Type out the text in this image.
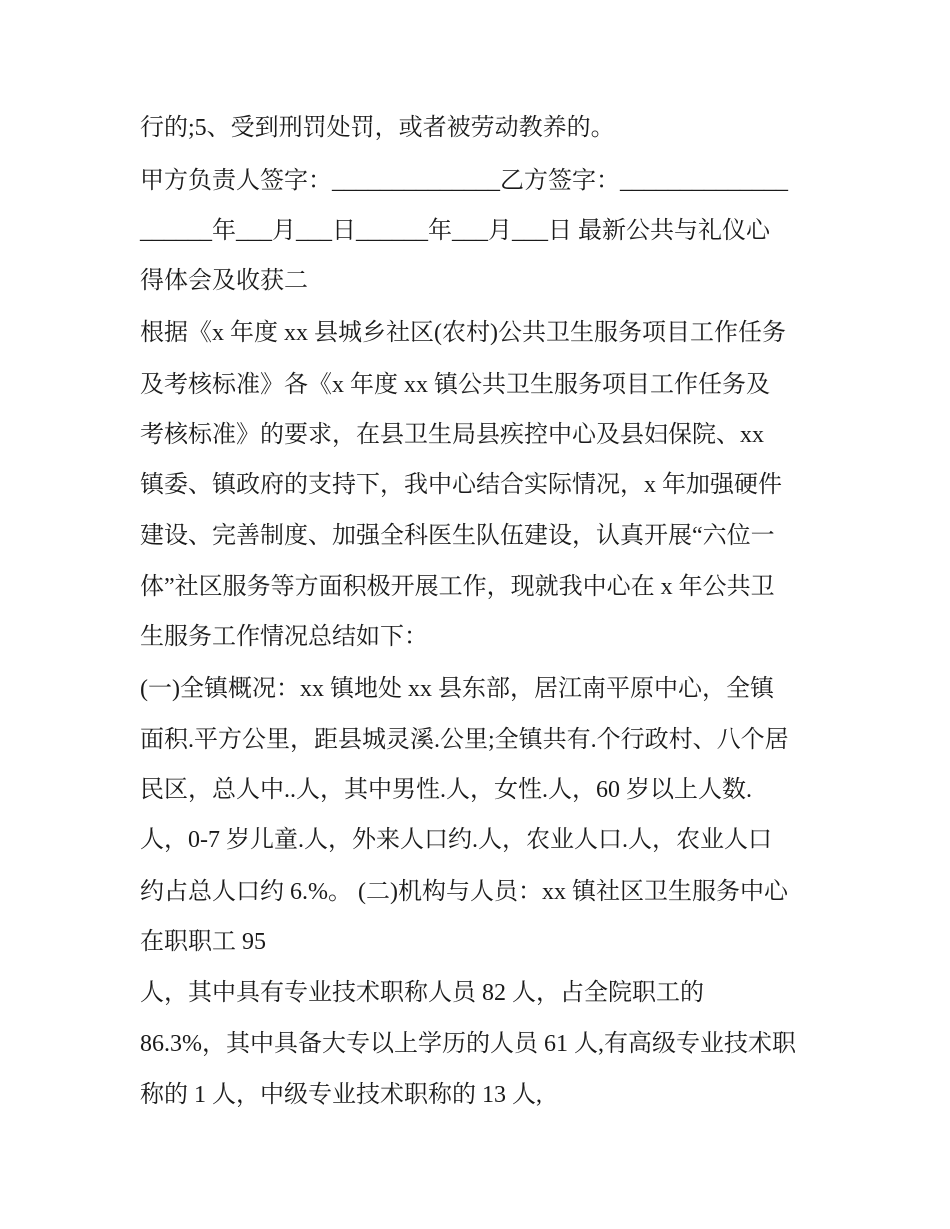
行的;5、受到刑罚处罚，或者被劳动教养的。
甲方负责人签字：______________乙方签字：______________
______年___月___日______年___月___日 最新公共与礼仪心
得体会及收获二
根据《x 年度 xx 县城乡社区(农村)公共卫生服务项目工作任务
及考核标准》各《x 年度 xx 镇公共卫生服务项目工作任务及
考核标准》的要求，在县卫生局县疾控中心及县妇保院、xx
镇委、镇政府的支持下，我中心结合实际情况，x 年加强硬件
建设、完善制度、加强全科医生队伍建设，认真开展“六位一
体”社区服务等方面积极开展工作，现就我中心在 x 年公共卫
生服务工作情况总结如下：
(一)全镇概况：xx 镇地处 xx 县东部，居江南平原中心，全镇
面积.平方公里，距县城灵溪.公里;全镇共有.个行政村、八个居
民区，总人中..人，其中男性.人，女性.人，60 岁以上人数.
人，0-7 岁儿童.人，外来人口约.人，农业人口.人，农业人口
约占总人口约 6.%。 (二)机构与人员：xx 镇社区卫生服务中心
在职职工 95
人，其中具有专业技术职称人员 82 人，占全院职工的
86.3%，其中具备大专以上学历的人员 61 人,有高级专业技术职
称的 1 人，中级专业技术职称的 13 人,
